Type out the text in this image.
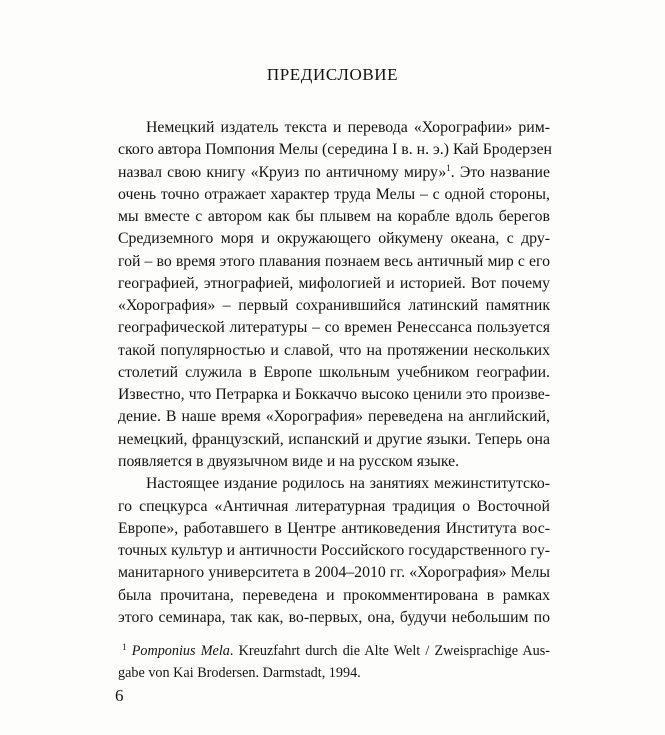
ПРЕДИСЛОВИЕ
Немецкий издатель текста и перевода «Хорографии» рим-
ского автора Помпония Мелы (середина I в. н. э.) Кай Бродерзен
назвал свою книгу «Круиз по античному миру»$^1$. Это название
очень точно отражает характер труда Мелы – с одной стороны,
мы вместе с автором как бы плывем на корабле вдоль берегов
Средиземного моря и окружающего ойкумену океана, с дру-
гой – во время этого плавания познаем весь античный мир с его
географией, этнографией, мифологией и историей. Вот почему
«Хорография» – первый сохранившийся латинский памятник
географической литературы – со времен Ренессанса пользуется
такой популярностью и славой, что на протяжении нескольких
столетий служила в Европе школьным учебником географии.
Известно, что Петрарка и Боккаччо высоко ценили это произве-
дение. В наше время «Хорография» переведена на английский,
немецкий, французский, испанский и другие языки. Теперь она
появляется в двуязычном виде и на русском языке.
Настоящее издание родилось на занятиях межинститутско-
го спецкурса «Античная литературная традиция о Восточной
Европе», работавшего в Центре антиковедения Института вос-
точных культур и античности Российского государственного гу-
манитарного университета в 2004–2010 гг. «Хорография» Мелы
была прочитана, переведена и прокомментирована в рамках
этого семинара, так как, во-первых, она, будучи небольшим по
$^1$ Pomponius Mela. Kreuzfahrt durch die Alte Welt / Zweisprachige Aus-
gabe von Kai Brodersen. Darmstadt, 1994.
6
